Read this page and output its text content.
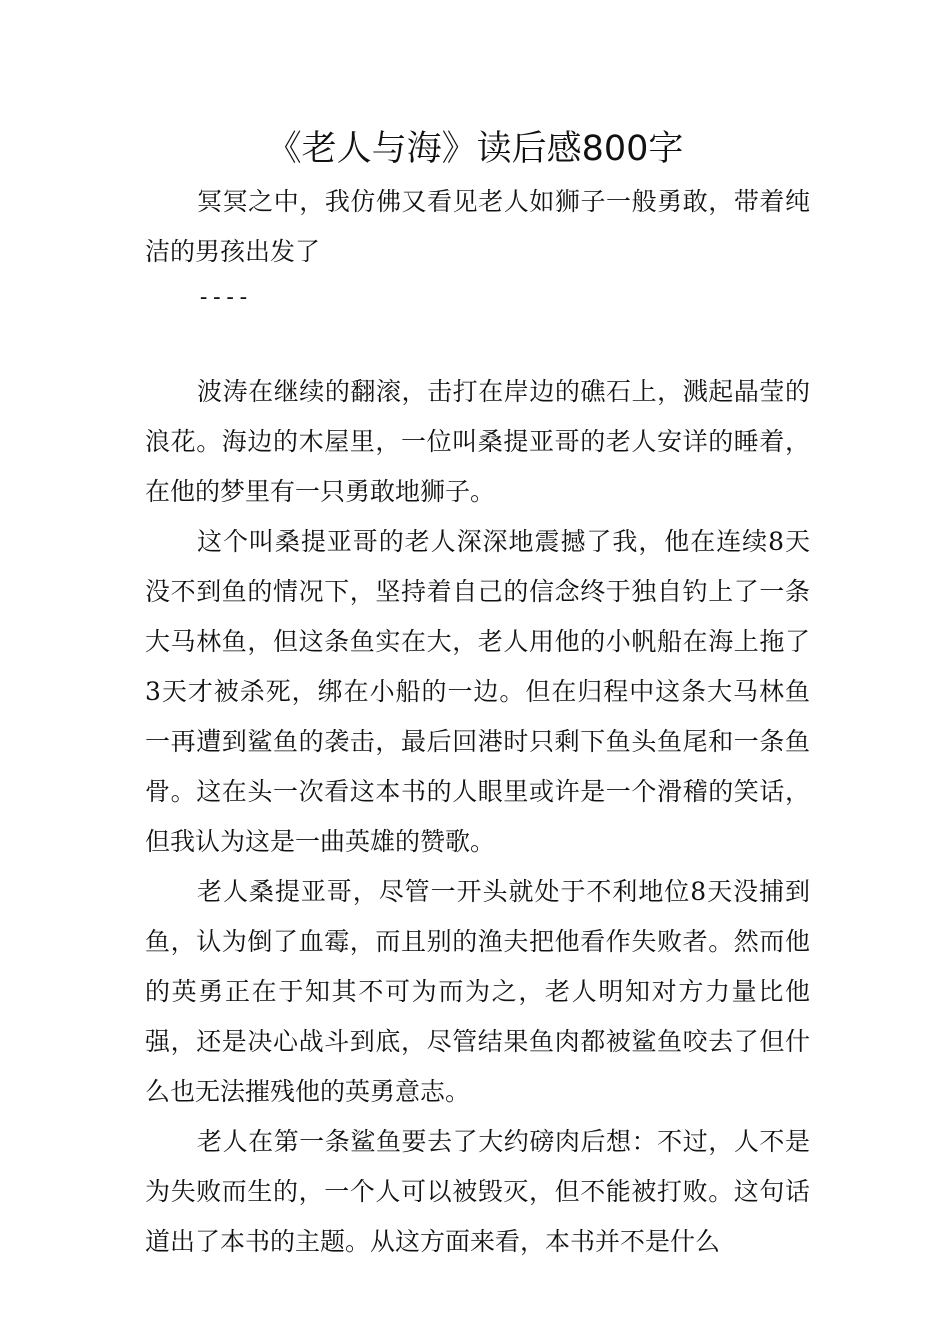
《老人与海》读后感800字

冥冥之中，我仿佛又看见老人如狮子一般勇敢，带着纯洁的男孩出发了

----

波涛在继续的翻滚，击打在岸边的礁石上，溅起晶莹的浪花。海边的木屋里，一位叫桑提亚哥的老人安详的睡着，在他的梦里有一只勇敢地狮子。

这个叫桑提亚哥的老人深深地震撼了我，他在连续8天没不到鱼的情况下，坚持着自己的信念终于独自钓上了一条大马林鱼，但这条鱼实在大，老人用他的小帆船在海上拖了3天才被杀死，绑在小船的一边。但在归程中这条大马林鱼一再遭到鲨鱼的袭击，最后回港时只剩下鱼头鱼尾和一条鱼骨。这在头一次看这本书的人眼里或许是一个滑稽的笑话，但我认为这是一曲英雄的赞歌。

老人桑提亚哥，尽管一开头就处于不利地位8天没捕到鱼，认为倒了血霉，而且别的渔夫把他看作失败者。然而他的英勇正在于知其不可为而为之，老人明知对方力量比他强，还是决心战斗到底，尽管结果鱼肉都被鲨鱼咬去了但什么也无法摧残他的英勇意志。

老人在第一条鲨鱼要去了大约磅肉后想：不过，人不是为失败而生的，一个人可以被毁灭，但不能被打败。这句话道出了本书的主题。从这方面来看，本书并不是什么
